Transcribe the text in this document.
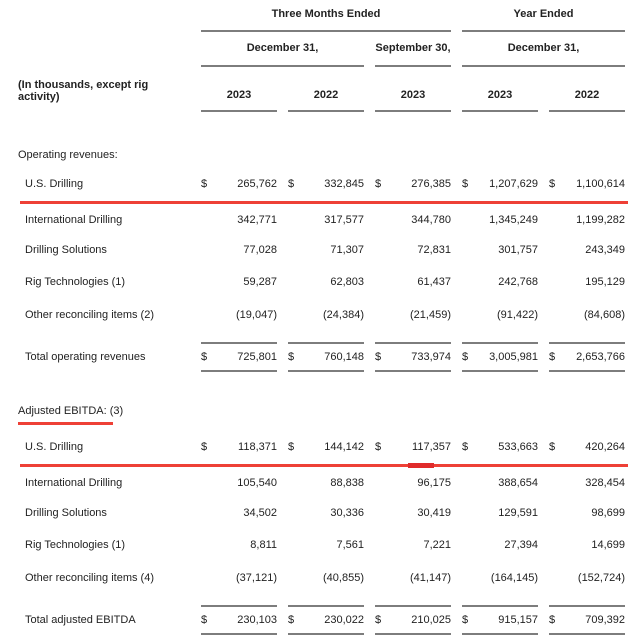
Three Months Ended	Year Ended
December 31,	September 30,	December 31,
(In thousands, except rig activity)	2023	2022	2023	2023	2022
Operating revenues:
U.S. Drilling	$	265,762 $	332,845 $	276,385 $ 1,207,629 $ 1,100,614
International Drilling	342,771	317,577	344,780	1,345,249	1,199,282
Drilling Solutions	77,028	71,307	72,831	301,757	243,349
Rig Technologies (1)	59,287	62,803	61,437	242,768	195,129
Other reconciling items (2)	(19,047)	(24,384)	(21,459)	(91,422)	(84,608)
Total operating revenues	$	725,801 $	760,148 $	733,974 $ 3,005,981 $ 2,653,766
Adjusted EBITDA: (3)
U.S. Drilling	$	118,371 $	144,142 $	117,357 $	533,663 $	420,264
International Drilling	105,540	88,838	96,175	388,654	328,454
Drilling Solutions	34,502	30,336	30,419	129,591	98,699
Rig Technologies (1)	8,811	7,561	7,221	27,394	14,699
Other reconciling items (4)	(37,121)	(40,855)	(41,147)	(164,145)	(152,724)
Total adjusted EBITDA	$	230,103 $	230,022 $	210,025 $	915,157 $	709,392
